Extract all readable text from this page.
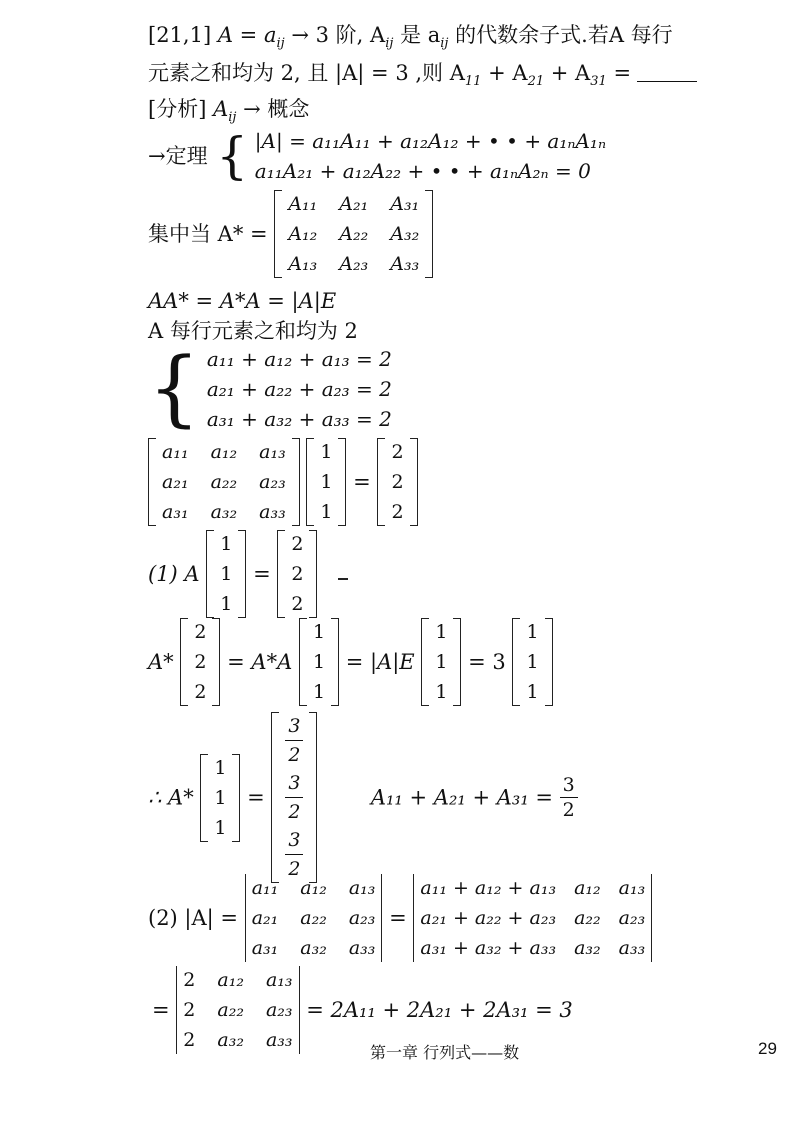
[21,1] $A = a_{ij} \to 3$ 阶, $A_{ij}$ 是 $a_{ij}$ 的代数余子式.若A 每行
元素之和均为 2, 且 |A| = 3 ,则 $A_{11} + A_{21} + A_{31}$ =
[分析] $A_{ij}$ → 概念
→定理 { |A| = a₁₁A₁₁ + a₁₂A₁₂ + • • + a₁ₙA₁ₙ
a₁₁A₂₁ + a₁₂A₂₂ + • • + a₁ₙA₂ₙ = 0
集中当 A* =
A₁₁ A₂₁ A₃₁
A₁₂ A₂₂ A₃₂
A₁₃ A₂₃ A₃₃
AA* = A*A = |A|E
A 每行元素之和均为 2
{ a₁₁ + a₁₂ + a₁₃ = 2
a₂₁ + a₂₂ + a₂₃ = 2
a₃₁ + a₃₂ + a₃₃ = 2
a₁₁ a₁₂ a₁₃
a₂₁ a₂₂ a₂₃
a₃₁ a₃₂ a₃₃

1
1
1
=
2
2
2
(1) A
1
1
1
=
2
2
2

A*
2
2
2
= A*A
1
1
1
= |A|E
1
1
1
= 3
1
1
1
∴ A*
1
1
1
=
$\frac{3}{2}$
$\frac{3}{2}$
$\frac{3}{2}$
$A_{11} + A_{21} + A_{31} = \frac{3}{2}$
(2) |A| =
a₁₁ a₁₂ a₁₃
a₂₁ a₂₂ a₂₃
a₃₁ a₃₂ a₃₃
=
a₁₁ + a₁₂ + a₁₃ a₁₂ a₁₃
a₂₁ + a₂₂ + a₂₃ a₂₂ a₂₃
a₃₁ + a₃₂ + a₃₃ a₃₂ a₃₃
=
2 a₁₂ a₁₃
2 a₂₂ a₂₃
2 a₃₂ a₃₃
= 2A₁₁ + 2A₂₁ + 2A₃₁ = 3
第一章 行列式——数	29
